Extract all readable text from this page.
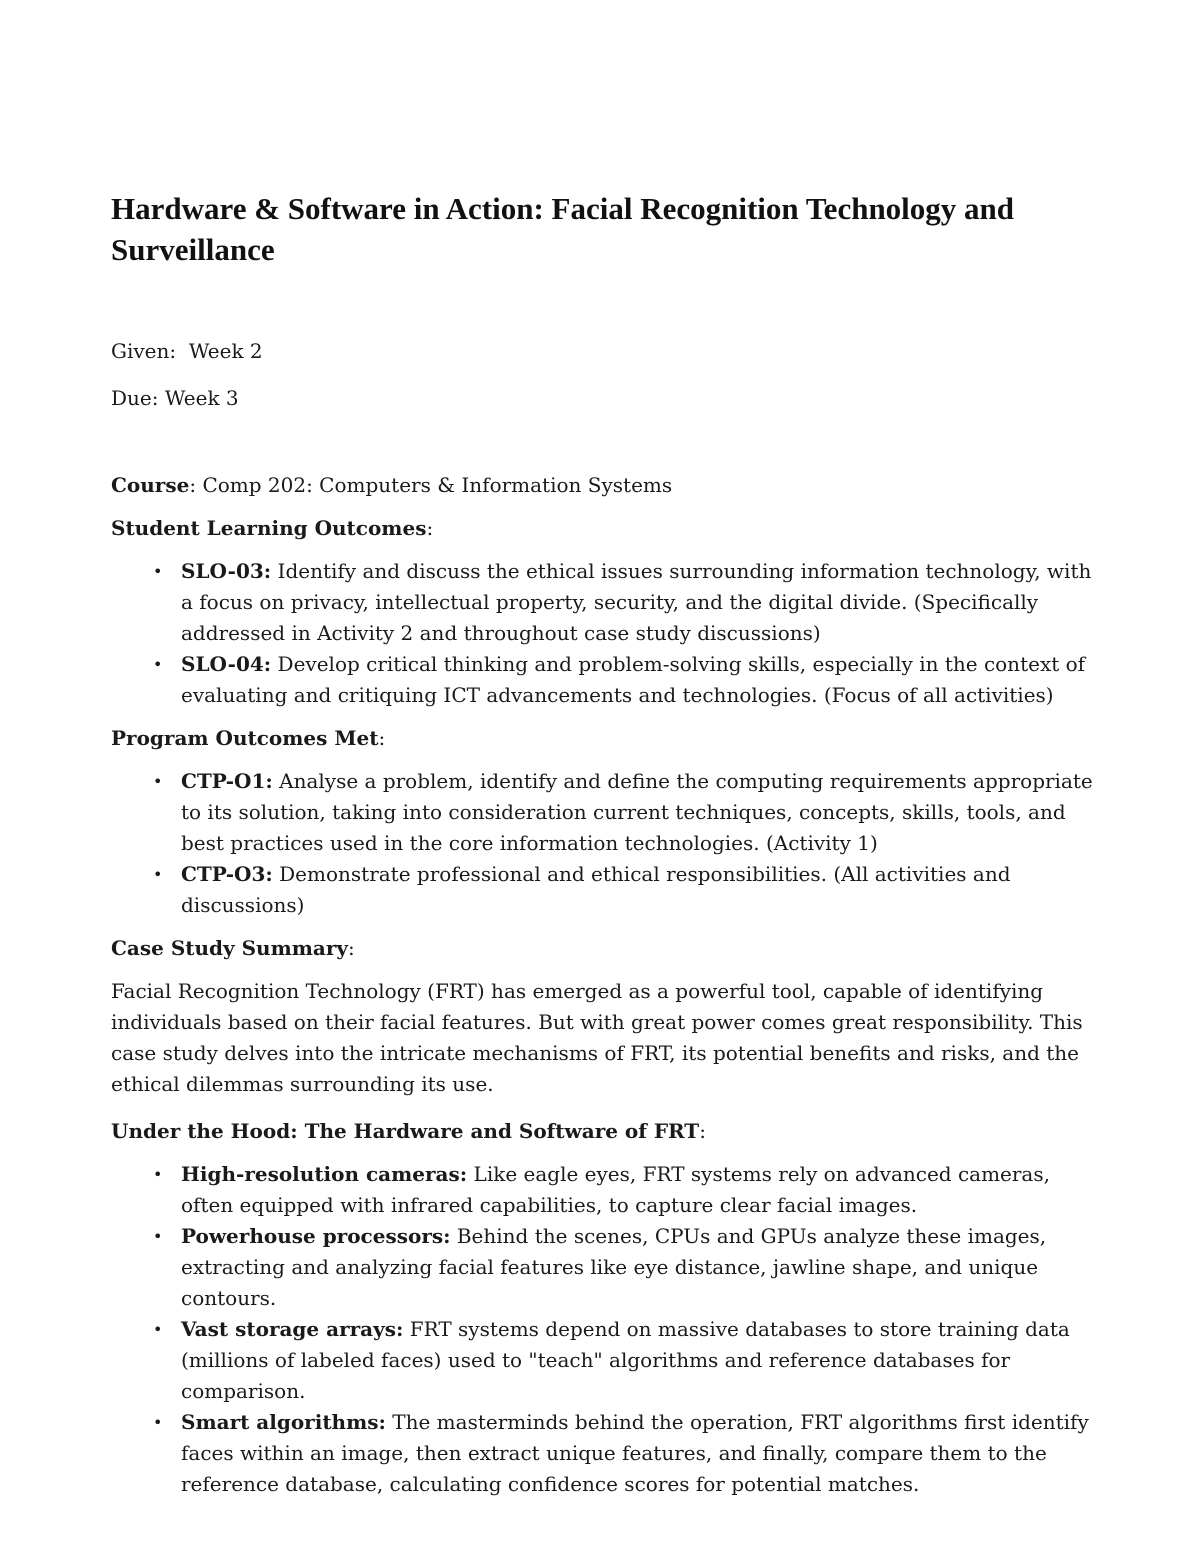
Hardware & Software in Action: Facial Recognition Technology and Surveillance

Given: Week 2

Due: Week 3

Course: Comp 202: Computers & Information Systems

Student Learning Outcomes:

• SLO-03: Identify and discuss the ethical issues surrounding information technology, with a focus on privacy, intellectual property, security, and the digital divide. (Specifically addressed in Activity 2 and throughout case study discussions)
• SLO-04: Develop critical thinking and problem-solving skills, especially in the context of evaluating and critiquing ICT advancements and technologies. (Focus of all activities)

Program Outcomes Met:

• CTP-O1: Analyse a problem, identify and define the computing requirements appropriate to its solution, taking into consideration current techniques, concepts, skills, tools, and best practices used in the core information technologies. (Activity 1)
• CTP-O3: Demonstrate professional and ethical responsibilities. (All activities and discussions)

Case Study Summary:

Facial Recognition Technology (FRT) has emerged as a powerful tool, capable of identifying individuals based on their facial features. But with great power comes great responsibility. This case study delves into the intricate mechanisms of FRT, its potential benefits and risks, and the ethical dilemmas surrounding its use.

Under the Hood: The Hardware and Software of FRT:

• High-resolution cameras: Like eagle eyes, FRT systems rely on advanced cameras, often equipped with infrared capabilities, to capture clear facial images.
• Powerhouse processors: Behind the scenes, CPUs and GPUs analyze these images, extracting and analyzing facial features like eye distance, jawline shape, and unique contours.
• Vast storage arrays: FRT systems depend on massive databases to store training data (millions of labeled faces) used to "teach" algorithms and reference databases for comparison.
• Smart algorithms: The masterminds behind the operation, FRT algorithms first identify faces within an image, then extract unique features, and finally, compare them to the reference database, calculating confidence scores for potential matches.
